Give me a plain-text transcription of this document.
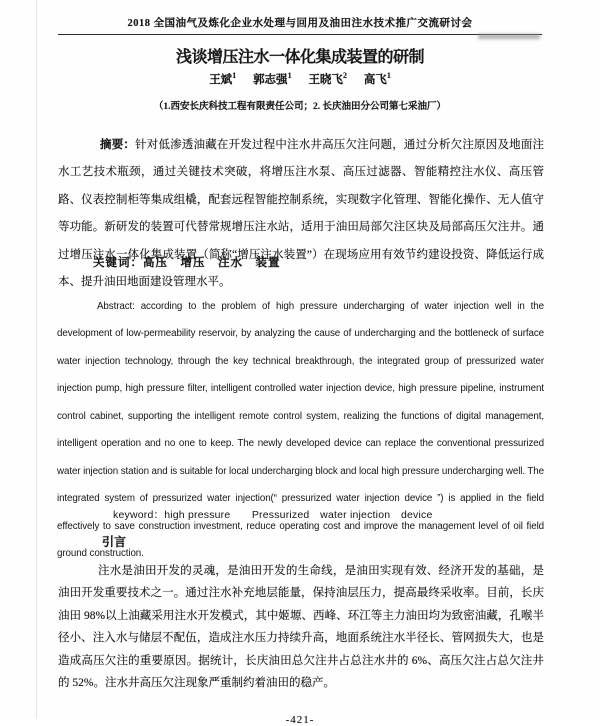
2018 全国油气及炼化企业水处理与回用及油田注水技术推广交流研讨会
浅谈增压注水一体化集成装置的研制
王斌$^1$ 郭志强$^1$ 王晓飞$^2$ 高飞$^1$
（1.西安长庆科技工程有限责任公司；2. 长庆油田分公司第七采油厂）

摘要：针对低渗透油藏在开发过程中注水井高压欠注问题，通过分析欠注原因及地面注水工艺技术瓶颈，通过关键技术突破，将增压注水泵、高压过滤器、智能精控注水仪、高压管路、仪表控制柜等集成组橇，配套远程智能控制系统，实现数字化管理、智能化操作、无人值守等功能。新研发的装置可代替常规增压注水站，适用于油田局部欠注区块及局部高压欠注井。通过增压注水一体化集成装置（简称“增压注水装置”）在现场应用有效节约建设投资、降低运行成本、提升油田地面建设管理水平。

关键词：高压　增压　注水　装置

Abstract: according to the problem of high pressure undercharging of water injection well in the development of low-permeability reservoir, by analyzing the cause of undercharging and the bottleneck of surface water injection technology, through the key technical breakthrough, the integrated group of pressurized water injection pump, high pressure filter, intelligent controlled water injection device, high pressure pipeline, instrument control cabinet, supporting the intelligent remote control system, realizing the functions of digital management, intelligent operation and no one to keep. The newly developed device can replace the conventional pressurized water injection station and is suitable for local undercharging block and local high pressure undercharging well. The integrated system of pressurized water injection(“ pressurized water injection device ”) is applied in the field effectively to save construction investment, reduce operating cost and improve the management level of oil field ground construction.

keyword：high pressure　　Pressurized　water injection　device
引言

注水是油田开发的灵魂，是油田开发的生命线，是油田实现有效、经济开发的基础，是油田开发重要技术之一。通过注水补充地层能量，保持油层压力，提高最终采收率。目前，长庆油田 98%以上油藏采用注水开发模式，其中姬塬、西峰、环江等主力油田均为致密油藏，孔喉半径小、注入水与储层不配伍，造成注水压力持续升高，地面系统注水半径长、管网损失大，也是造成高压欠注的重要原因。据统计，长庆油田总欠注井占总注水井的 6%、高压欠注占总欠注井的 52%。注水井高压欠注现象严重制约着油田的稳产。

-421-
